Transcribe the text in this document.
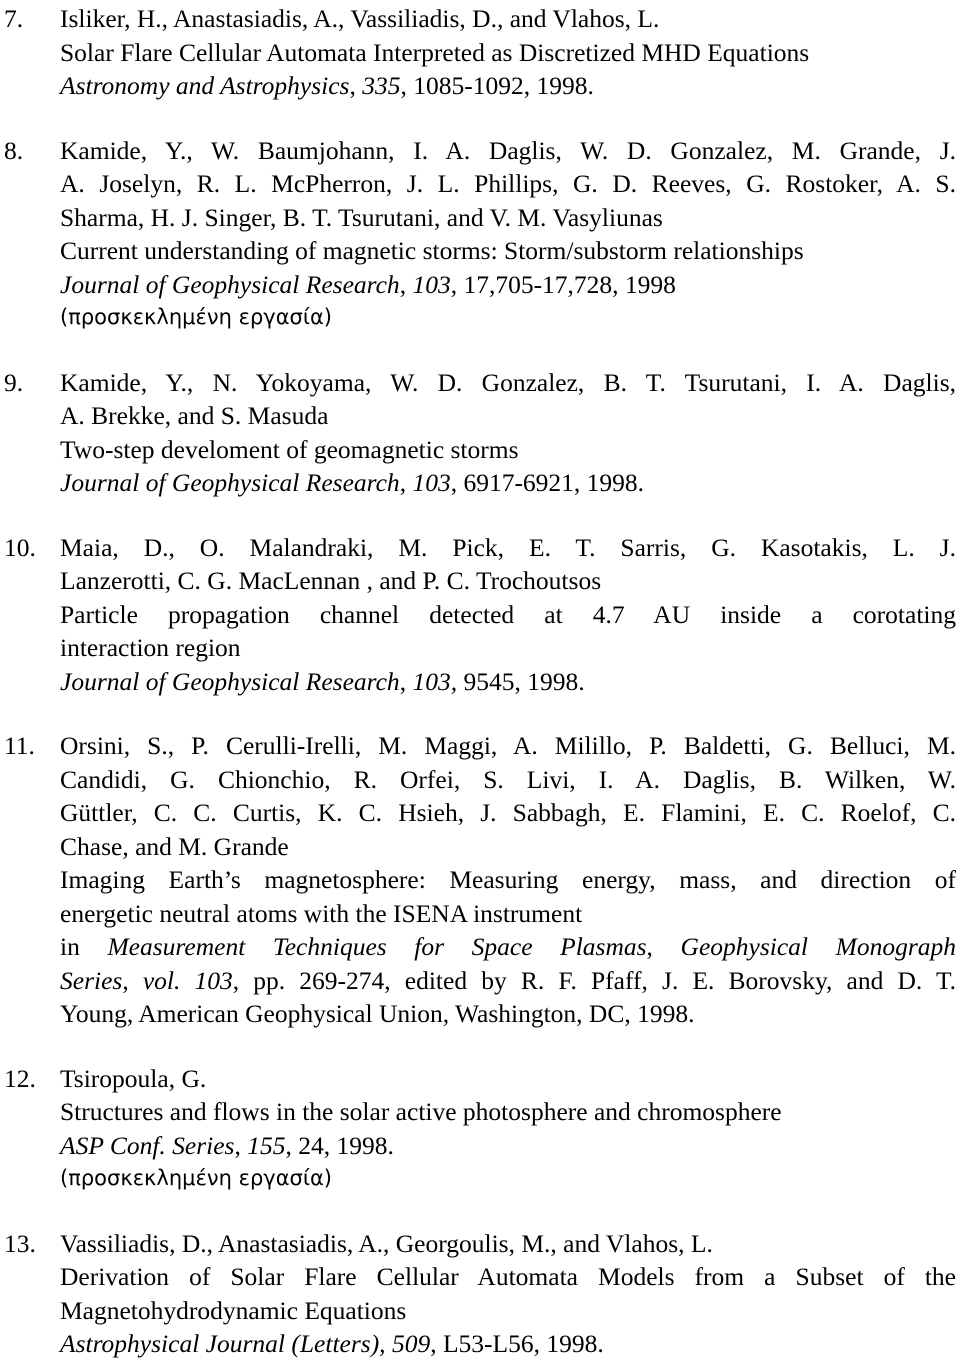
7.	Isliker, H., Anastasiadis, A., Vassiliadis, D., and Vlahos, L.
Solar Flare Cellular Automata Interpreted as Discretized MHD Equations
Astronomy and Astrophysics, 335, 1085-1092, 1998.
8.	Kamide, Y., W. Baumjohann, I. A. Daglis, W. D. Gonzalez, M. Grande, J.
A. Joselyn, R. L. McPherron, J. L. Phillips, G. D. Reeves, G. Rostoker, A. S.
Sharma, H. J. Singer, B. T. Tsurutani, and V. M. Vasyliunas
Current understanding of magnetic storms: Storm/substorm relationships
Journal of Geophysical Research, 103, 17,705-17,728, 1998
(προσκεκλημένη εργασία)
9.	Kamide, Y., N. Yokoyama, W. D. Gonzalez, B. T. Tsurutani, I. A. Daglis,
A. Brekke, and S. Masuda
Two-step develoment of geomagnetic storms
Journal of Geophysical Research, 103, 6917-6921, 1998.
10. Maia, D., O. Malandraki, M. Pick, E. T. Sarris, G. Kasotakis, L. J.
Lanzerotti, C. G. MacLennan , and P. C. Trochoutsos
Particle propagation channel detected at 4.7 AU inside a corotating
interaction region
Journal of Geophysical Research, 103, 9545, 1998.
11. Orsini, S., P. Cerulli-Irelli, M. Maggi, A. Milillo, P. Baldetti, G. Belluci, M.
Candidi, G. Chionchio, R. Orfei, S. Livi, I. A. Daglis, B. Wilken, W.
Güttler, C. C. Curtis, K. C. Hsieh, J. Sabbagh, E. Flamini, E. C. Roelof, C.
Chase, and M. Grande
Imaging Earth’s magnetosphere: Measuring energy, mass, and direction of
energetic neutral atoms with the ISENA instrument
in Measurement Techniques for Space Plasmas, Geophysical Monograph
Series, vol. 103, pp. 269-274, edited by R. F. Pfaff, J. E. Borovsky, and D. T.
Young, American Geophysical Union, Washington, DC, 1998.
12. Tsiropoula, G.
Structures and flows in the solar active photosphere and chromosphere
ASP Conf. Series, 155, 24, 1998.
(προσκεκλημένη εργασία)
13. Vassiliadis, D., Anastasiadis, A., Georgoulis, M., and Vlahos, L.
Derivation of Solar Flare Cellular Automata Models from a Subset of the
Magnetohydrodynamic Equations
Astrophysical Journal (Letters), 509, L53-L56, 1998.
